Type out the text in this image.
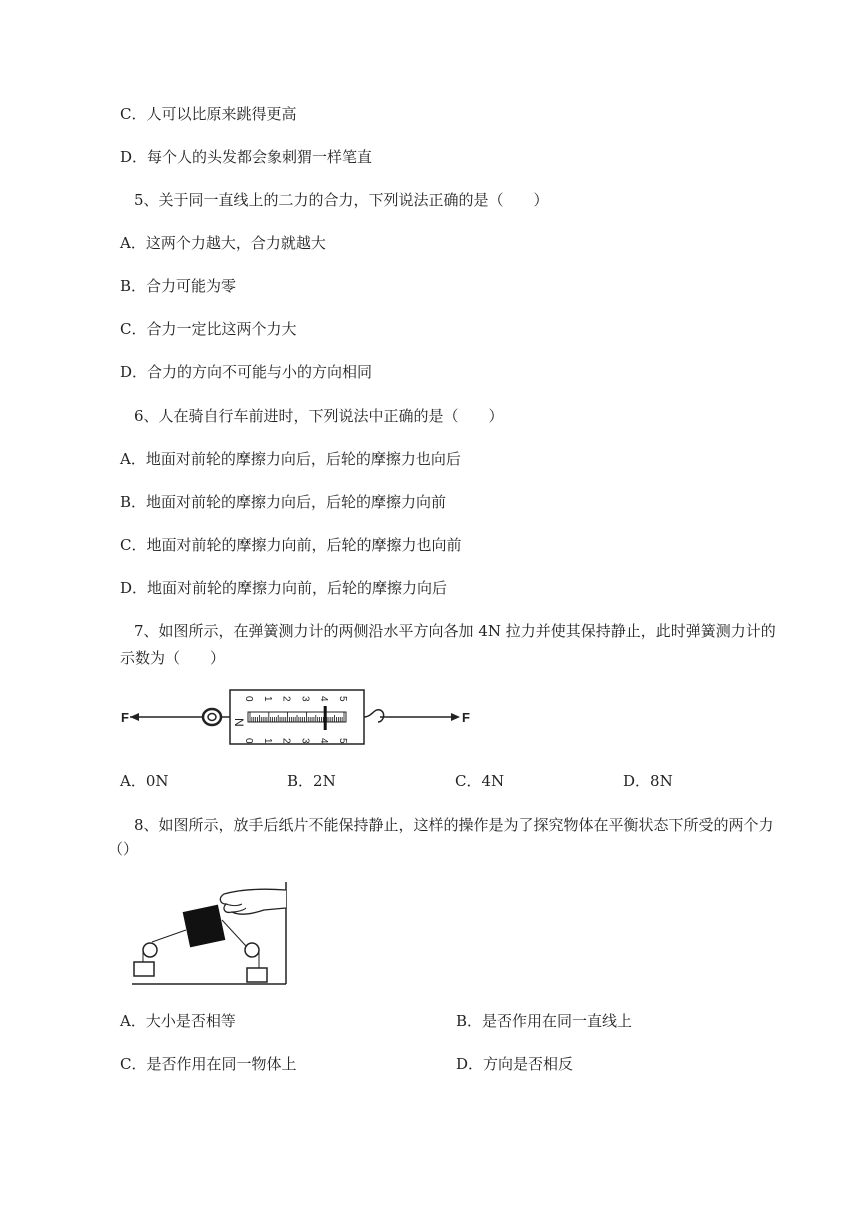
C．人可以比原来跳得更高
D．每个人的头发都会象刺猬一样笔直
5、关于同一直线上的二力的合力，下列说法正确的是（　　）
A．这两个力越大，合力就越大
B．合力可能为零
C．合力一定比这两个力大
D．合力的方向不可能与小的方向相同
6、人在骑自行车前进时，下列说法中正确的是（　　）
A．地面对前轮的摩擦力向后，后轮的摩擦力也向后
B．地面对前轮的摩擦力向后，后轮的摩擦力向前
C．地面对前轮的摩擦力向前，后轮的摩擦力也向前
D．地面对前轮的摩擦力向前，后轮的摩擦力向后
7、如图所示，在弹簧测力计的两侧沿水平方向各加 4N 拉力并使其保持静止，此时弹簧测力计的
示数为（　　）
F	N
0
0
1
1
2
2
3
3
4
4
5
5
F
A．0N	B．2N	C．4N	D．8N
8、如图所示，放手后纸片不能保持静止，这样的操作是为了探究物体在平衡状态下所受的两个力
（）
A．大小是否相等	B．是否作用在同一直线上
C．是否作用在同一物体上	D．方向是否相反
